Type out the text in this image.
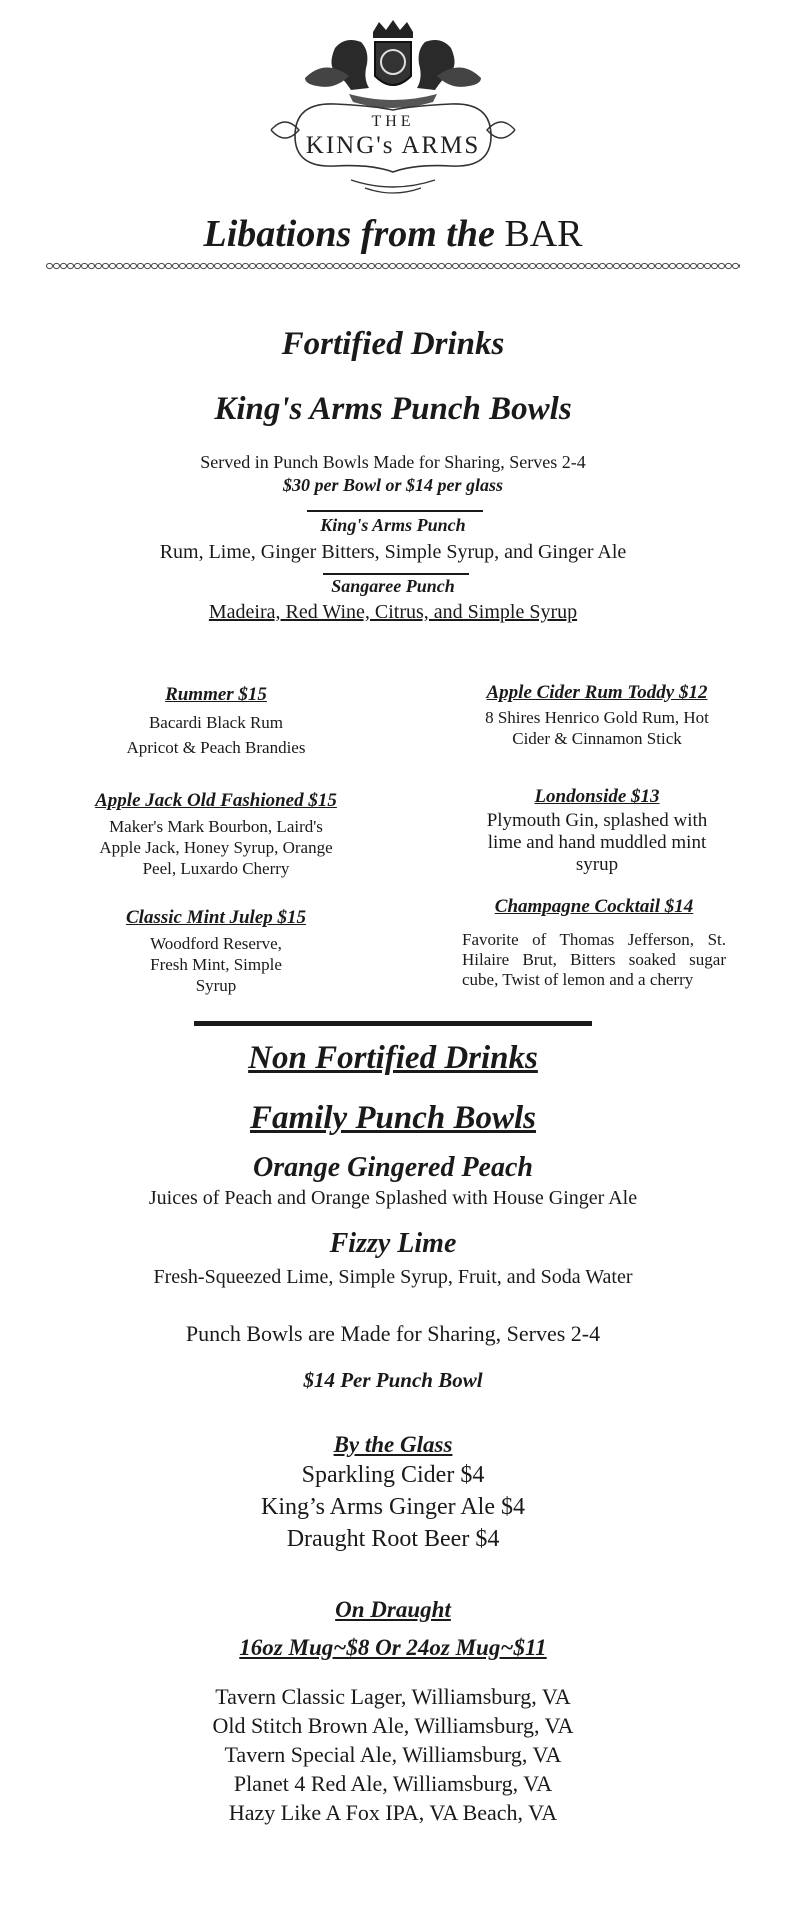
THE
KING's ARMS
Libations from the BAR
Fortified Drinks
King's Arms Punch Bowls
Served in Punch Bowls Made for Sharing, Serves 2-4
$30 per Bowl or $14 per glass
King's Arms Punch
Rum, Lime, Ginger Bitters, Simple Syrup, and Ginger Ale
Sangaree Punch
Madeira, Red Wine, Citrus, and Simple Syrup
Rummer $15
Bacardi Black Rum
Apricot & Peach Brandies
Apple Jack Old Fashioned $15
Maker's Mark Bourbon, Laird's
Apple Jack, Honey Syrup, Orange
Peel, Luxardo Cherry
Classic Mint Julep $15
Woodford Reserve,
Fresh Mint, Simple
Syrup
Apple Cider Rum Toddy $12
8 Shires Henrico Gold Rum, Hot
Cider & Cinnamon Stick
Londonside $13
Plymouth Gin, splashed with
lime and hand muddled mint
syrup
Champagne Cocktail $14
Favorite of Thomas Jefferson, St. Hilaire Brut, Bitters soaked sugar cube, Twist of lemon and a cherry
Non Fortified Drinks
Family Punch Bowls
Orange Gingered Peach
Juices of Peach and Orange Splashed with House Ginger Ale
Fizzy Lime
Fresh-Squeezed Lime, Simple Syrup, Fruit, and Soda Water
Punch Bowls are Made for Sharing, Serves 2-4
$14 Per Punch Bowl
By the Glass
Sparkling Cider $4
King’s Arms Ginger Ale $4
Draught Root Beer $4
On Draught
16oz Mug~$8 Or 24oz Mug~$11
Tavern Classic Lager, Williamsburg, VA
Old Stitch Brown Ale, Williamsburg, VA
Tavern Special Ale, Williamsburg, VA
Planet 4 Red Ale, Williamsburg, VA
Hazy Like A Fox IPA, VA Beach, VA
